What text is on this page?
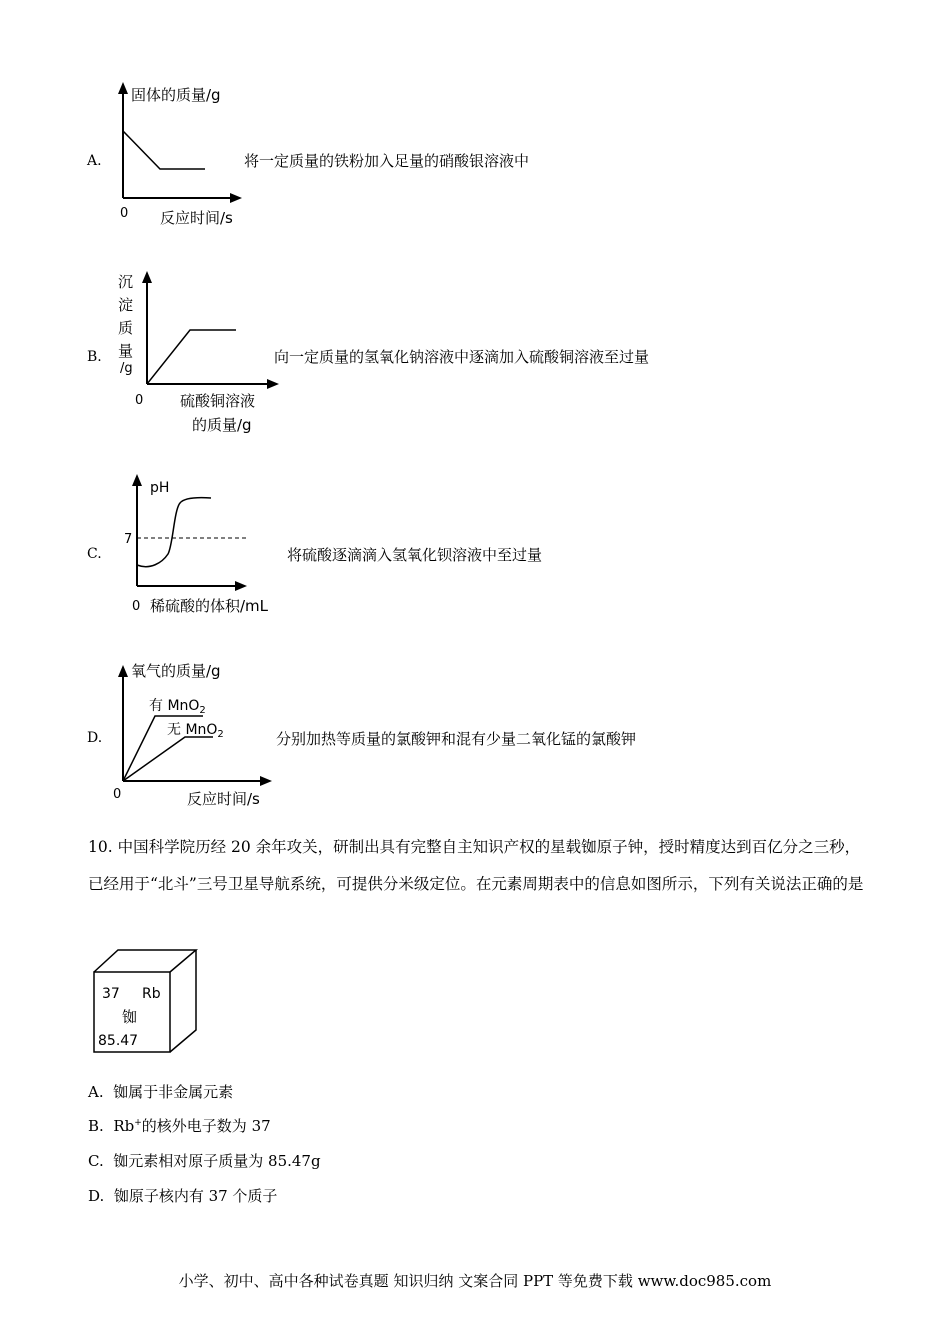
A.
固体的质量/g
0 反应时间/s
将一定质量的铁粉加入足量的硝酸银溶液中
B.
沉
淀
质
量
/g
0 硫酸铜溶液
的质量/g
向一定质量的氢氧化钠溶液中逐滴加入硫酸铜溶液至过量
C.
pH
7
0 稀硫酸的体积/mL
将硫酸逐滴滴入氢氧化钡溶液中至过量
D.
氧气的质量/g
0	反应时间/s
有 MnO$_2$
无 MnO$_2$	分别加热等质量的氯酸钾和混有少量二氧化锰的氯酸钾
10. 中国科学院历经 20 余年攻关，研制出具有完整自主知识产权的星载铷原子钟，授时精度达到百亿分之三秒，已经用于“北斗”三号卫星导航系统，可提供分米级定位。在元素周期表中的信息如图所示，下列有关说法正确的是
37 Rb
铷
85.47
A. 铷属于非金属元素
B. Rb+的核外电子数为 37
C. 铷元素相对原子质量为 85.47g
D. 铷原子核内有 37 个质子
小学、初中、高中各种试卷真题 知识归纳 文案合同 PPT 等免费下载 www.doc985.com
